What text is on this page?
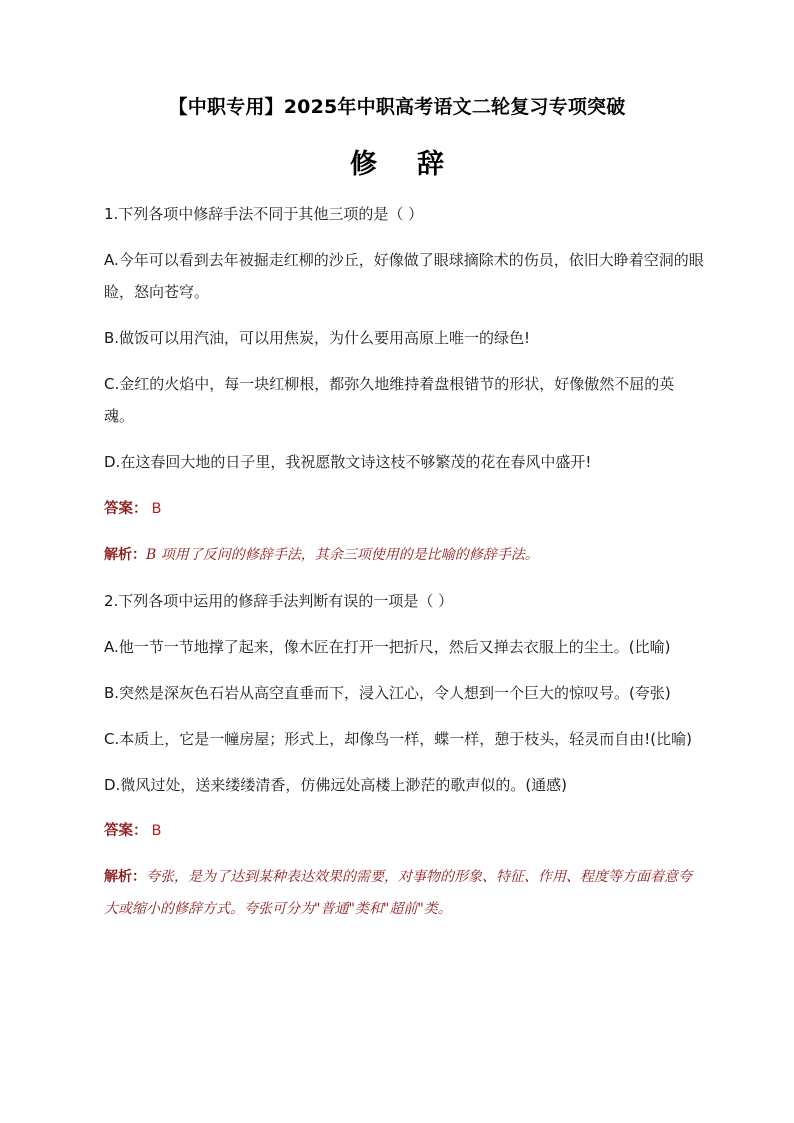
【中职专用】2025年中职高考语文二轮复习专项突破
修 辞

1.下列各项中修辞手法不同于其他三项的是（ ）

A.今年可以看到去年被掘走红柳的沙丘，好像做了眼球摘除术的伤员，依旧大睁着空洞的眼睑，怒向苍穹。

B.做饭可以用汽油，可以用焦炭，为什么要用高原上唯一的绿色!

C.金红的火焰中，每一块红柳根，都弥久地维持着盘根错节的形状，好像傲然不屈的英魂。

D.在这春回大地的日子里，我祝愿散文诗这枝不够繁茂的花在春风中盛开!

答案： B

解析：B 项用了反问的修辞手法，其余三项使用的是比喻的修辞手法。

2.下列各项中运用的修辞手法判断有误的一项是（ ）

A.他一节一节地撑了起来，像木匠在打开一把折尺，然后又掸去衣服上的尘土。(比喻)

B.突然是深灰色石岩从高空直垂而下，浸入江心，令人想到一个巨大的惊叹号。(夸张)

C.本质上，它是一幢房屋；形式上，却像鸟一样，蝶一样，憩于枝头，轻灵而自由!(比喻)

D.微风过处，送来缕缕清香，仿佛远处高楼上渺茫的歌声似的。(通感)

答案： B

解析：夸张，是为了达到某种表达效果的需要，对事物的形象、特征、作用、程度等方面着意夸大或缩小的修辞方式。夸张可分为"普通"类和"超前"类。
